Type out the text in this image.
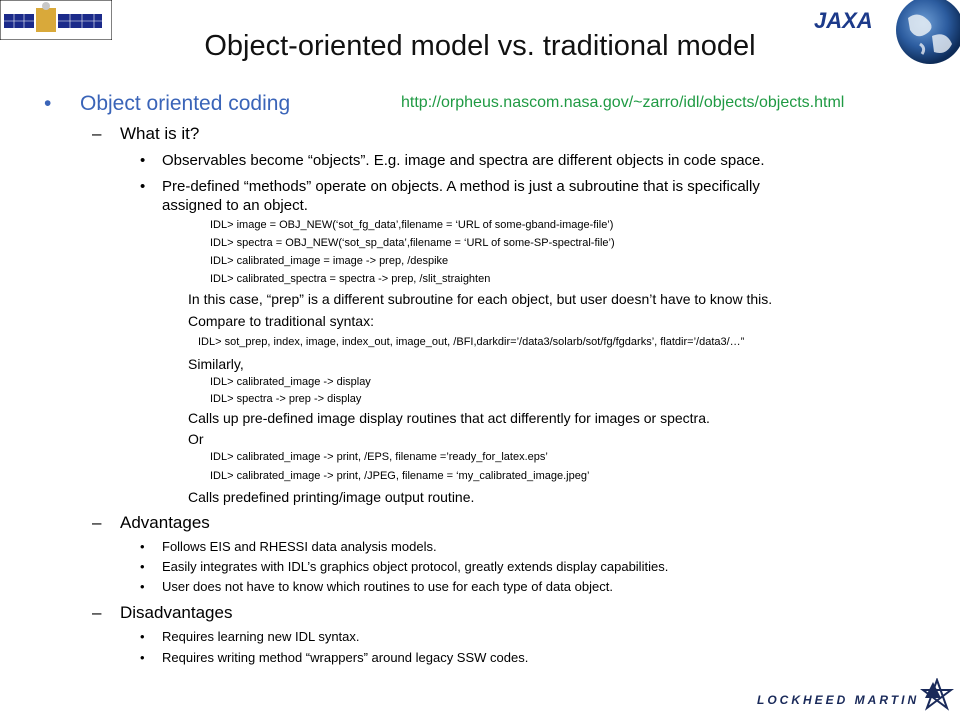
JAXA
Object-oriented model vs. traditional model
• Object oriented coding	http://orpheus.nascom.nasa.gov/~zarro/idl/objects/objects.html
– What is it?
• Observables become “objects”. E.g. image and spectra are different objects in code space.
• Pre-defined “methods” operate on objects. A method is just a subroutine that is specifically
assigned to an object.
IDL> image = OBJ_NEW(‘sot_fg_data’,filename = ‘URL of some-gband-image-file’)
IDL> spectra = OBJ_NEW(‘sot_sp_data’,filename = ‘URL of some-SP-spectral-file’)
IDL> calibrated_image = image -> prep, /despike
IDL> calibrated_spectra = spectra -> prep, /slit_straighten
In this case, “prep” is a different subroutine for each object, but user doesn’t have to know this.
Compare to traditional syntax:
IDL> sot_prep, index, image, index_out, image_out, /BFI,darkdir=’/data3/solarb/sot/fg/fgdarks’, flatdir=’/data3/…”
Similarly,
IDL> calibrated_image -> display
IDL> spectra -> prep -> display
Calls up pre-defined image display routines that act differently for images or spectra.
Or
IDL> calibrated_image -> print, /EPS, filename =’ready_for_latex.eps’
IDL> calibrated_image -> print, /JPEG, filename = ‘my_calibrated_image.jpeg’
Calls predefined printing/image output routine.
– Advantages
• Follows EIS and RHESSI data analysis models.
• Easily integrates with IDL’s graphics object protocol, greatly extends display capabilities.
• User does not have to know which routines to use for each type of data object.
– Disadvantages
• Requires learning new IDL syntax.
• Requires writing method “wrappers” around legacy SSW codes.
LOCKHEED MARTIN
